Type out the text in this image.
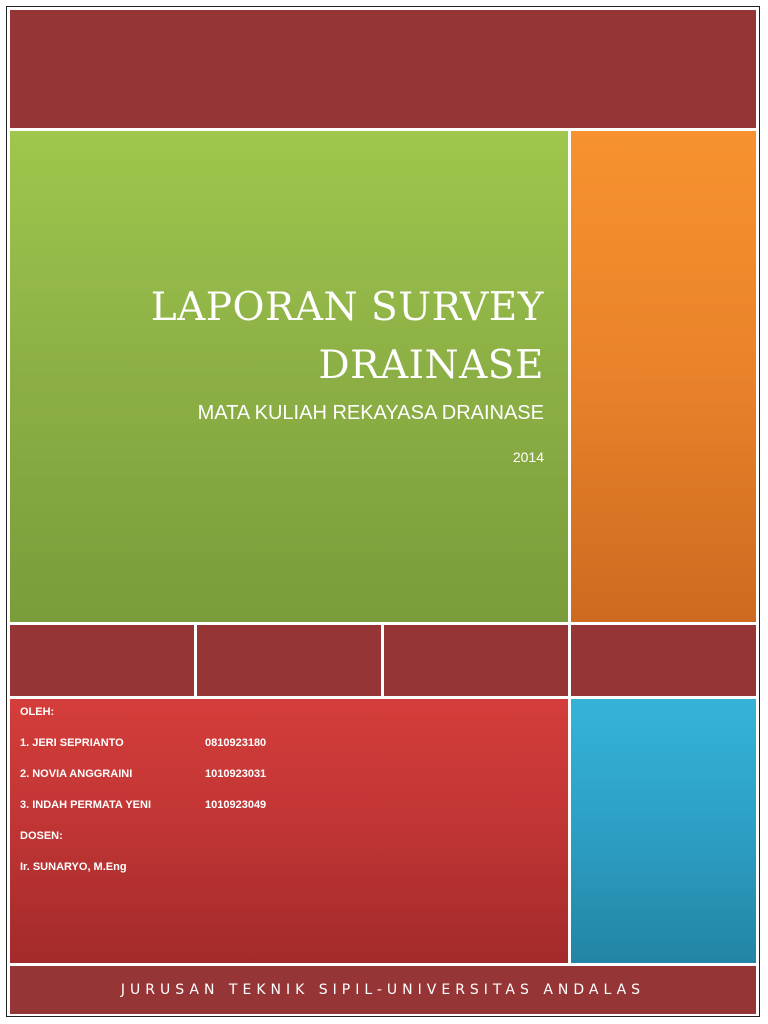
LAPORAN SURVEY
DRAINASE
MATA KULIAH REKAYASA DRAINASE
2014
OLEH:
1. JERI SEPRIANTO	0810923180
2. NOVIA ANGGRAINI	1010923031
3. INDAH PERMATA YENI	1010923049
DOSEN:
Ir. SUNARYO, M.Eng
JURUSAN TEKNIK SIPIL-UNIVERSITAS ANDALAS
